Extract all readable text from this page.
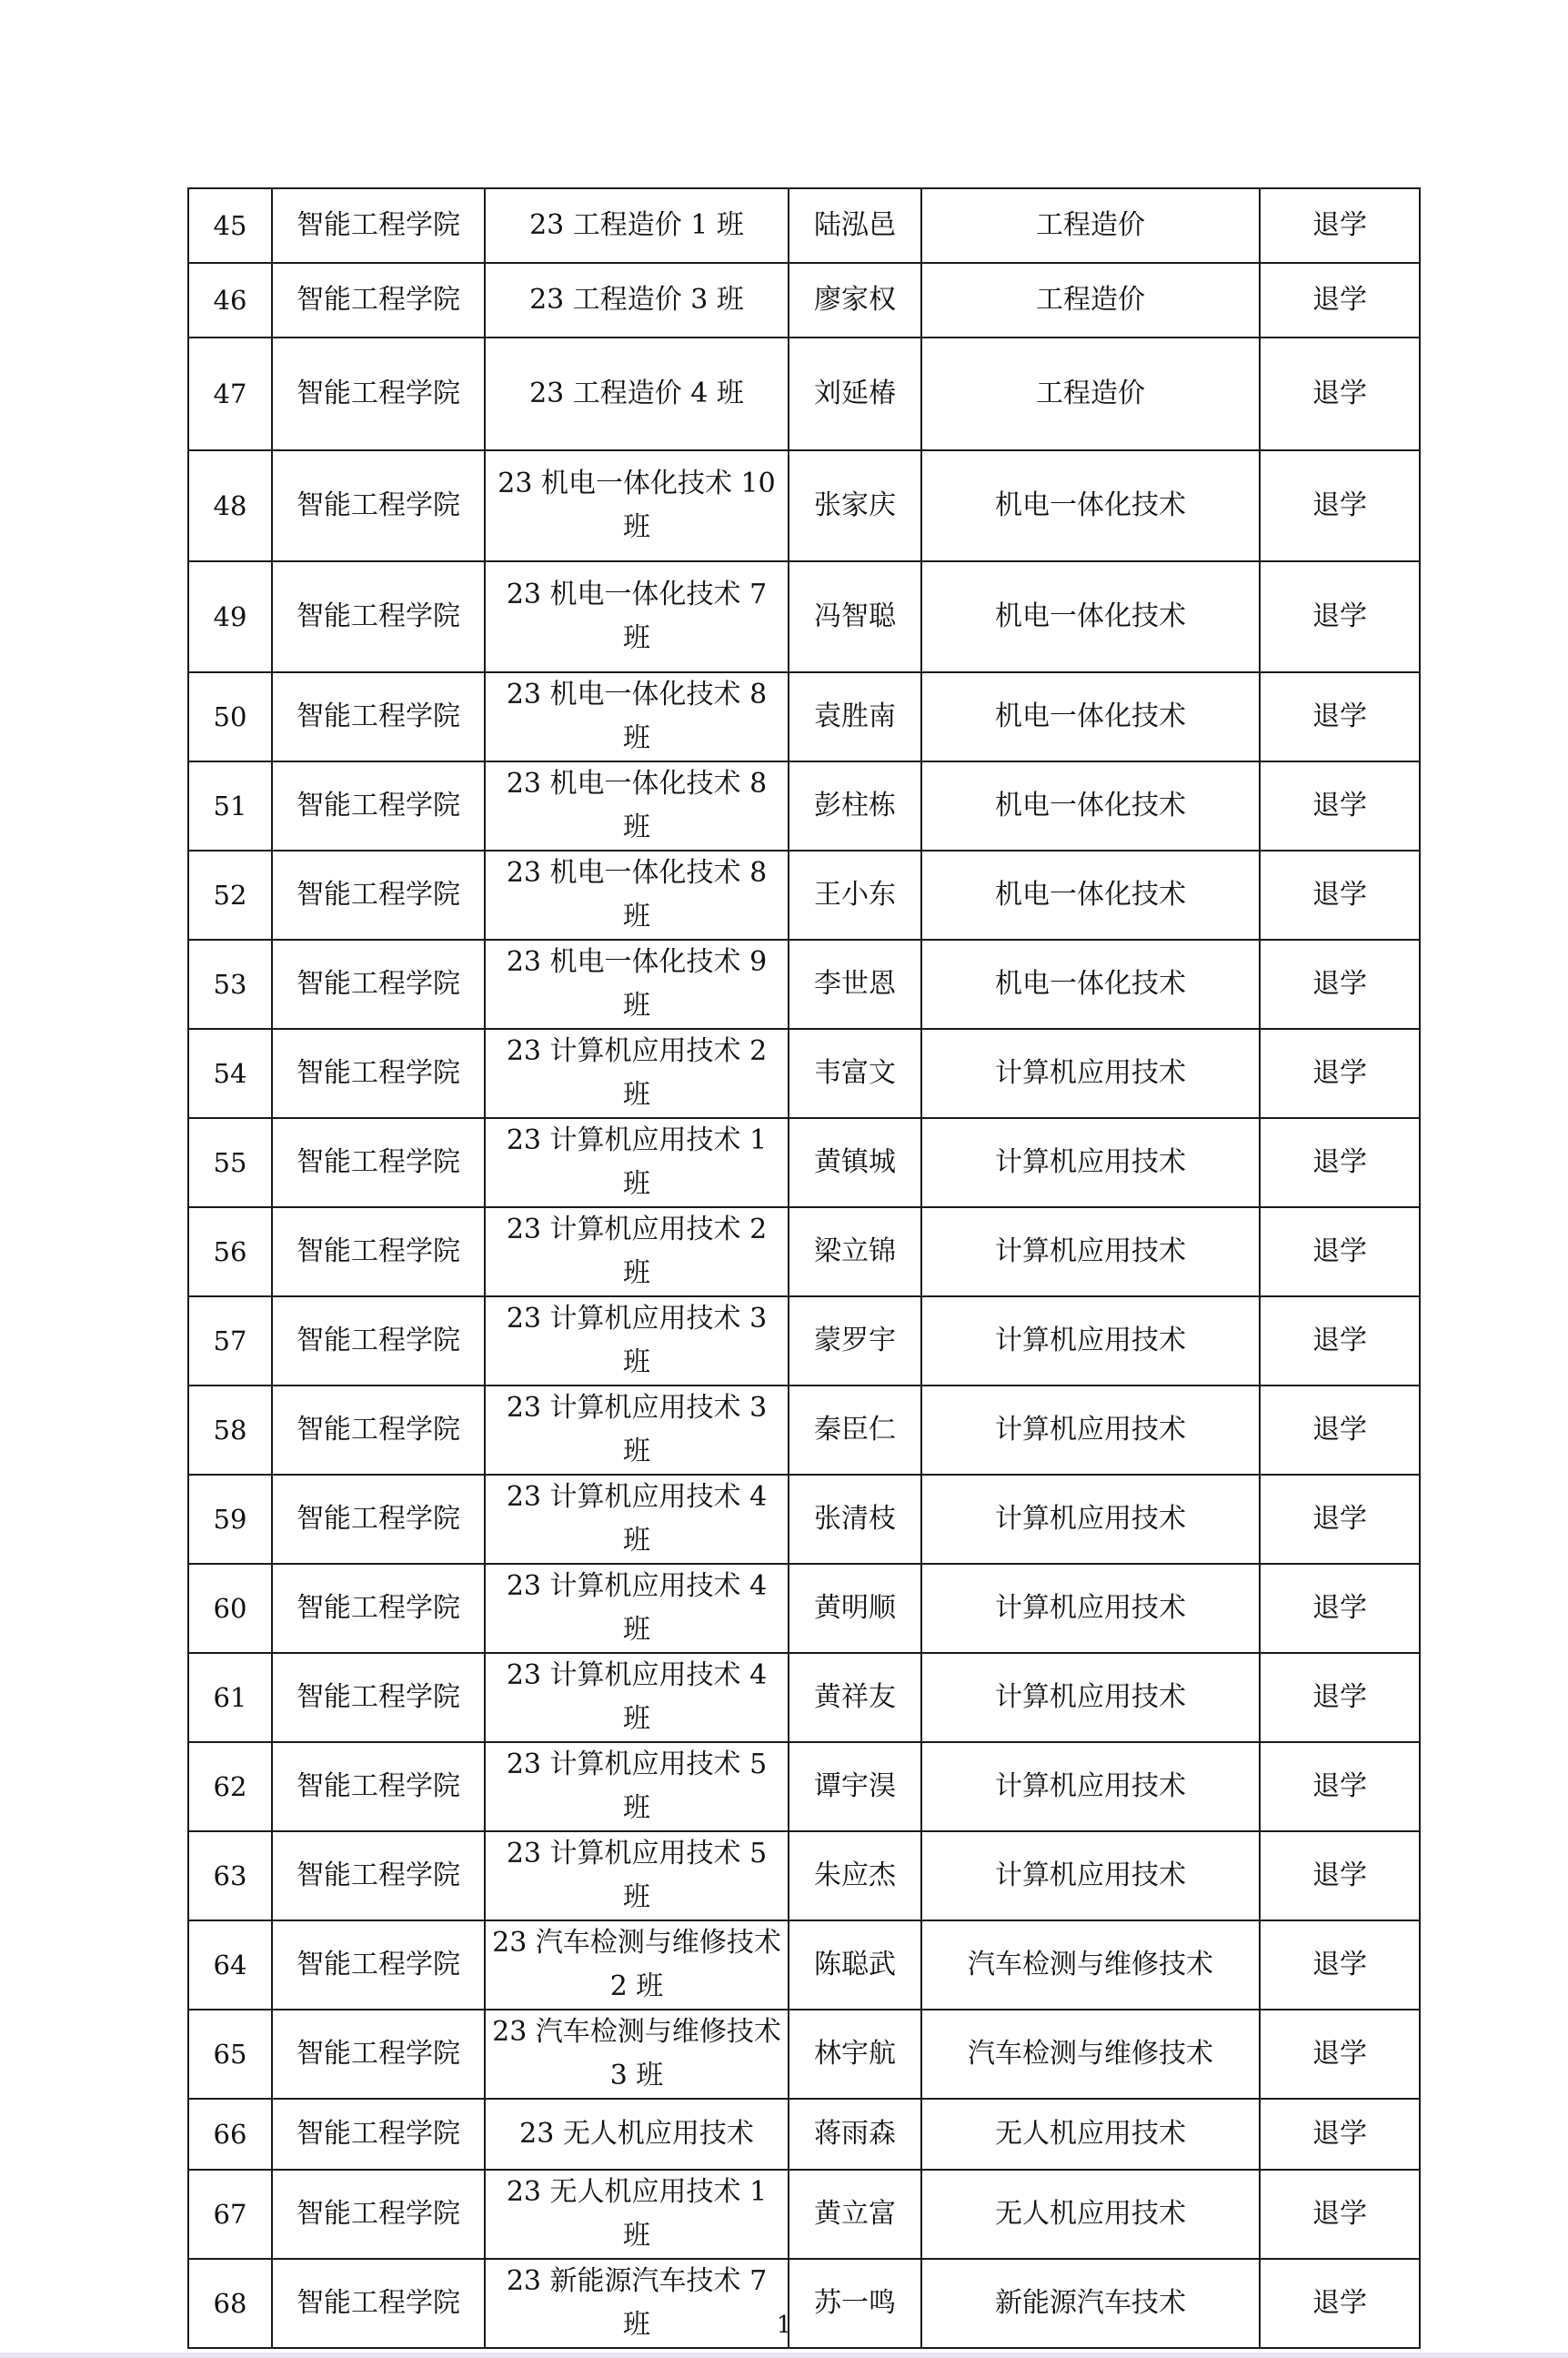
45	智能工程学院	23 工程造价 1 班	陆泓邑	工程造价	退学
46	智能工程学院	23 工程造价 3 班	廖家权	工程造价	退学
47	智能工程学院	23 工程造价 4 班	刘延椿	工程造价	退学
48	智能工程学院	23 机电一体化技术 10 班	张家庆	机电一体化技术	退学
49	智能工程学院	23 机电一体化技术 7 班	冯智聪	机电一体化技术	退学
50	智能工程学院	23 机电一体化技术 8 班	袁胜南	机电一体化技术	退学
51	智能工程学院	23 机电一体化技术 8 班	彭柱栋	机电一体化技术	退学
52	智能工程学院	23 机电一体化技术 8 班	王小东	机电一体化技术	退学
53	智能工程学院	23 机电一体化技术 9 班	李世恩	机电一体化技术	退学
54	智能工程学院	23 计算机应用技术 2 班	韦富文	计算机应用技术	退学
55	智能工程学院	23 计算机应用技术 1 班	黄镇城	计算机应用技术	退学
56	智能工程学院	23 计算机应用技术 2 班	梁立锦	计算机应用技术	退学
57	智能工程学院	23 计算机应用技术 3 班	蒙罗宇	计算机应用技术	退学
58	智能工程学院	23 计算机应用技术 3 班	秦臣仁	计算机应用技术	退学
59	智能工程学院	23 计算机应用技术 4 班	张清枝	计算机应用技术	退学
60	智能工程学院	23 计算机应用技术 4 班	黄明顺	计算机应用技术	退学
61	智能工程学院	23 计算机应用技术 4 班	黄祥友	计算机应用技术	退学
62	智能工程学院	23 计算机应用技术 5 班	谭宇淏	计算机应用技术	退学
63	智能工程学院	23 计算机应用技术 5 班	朱应杰	计算机应用技术	退学
64	智能工程学院	23 汽车检测与维修技术 2 班	陈聪武	汽车检测与维修技术	退学
65	智能工程学院	23 汽车检测与维修技术 3 班	林宇航	汽车检测与维修技术	退学
66	智能工程学院	23 无人机应用技术	蒋雨森	无人机应用技术	退学
67	智能工程学院	23 无人机应用技术 1 班	黄立富	无人机应用技术	退学
68	智能工程学院	23 新能源汽车技术 7 班	苏一鸣	新能源汽车技术	退学
1
